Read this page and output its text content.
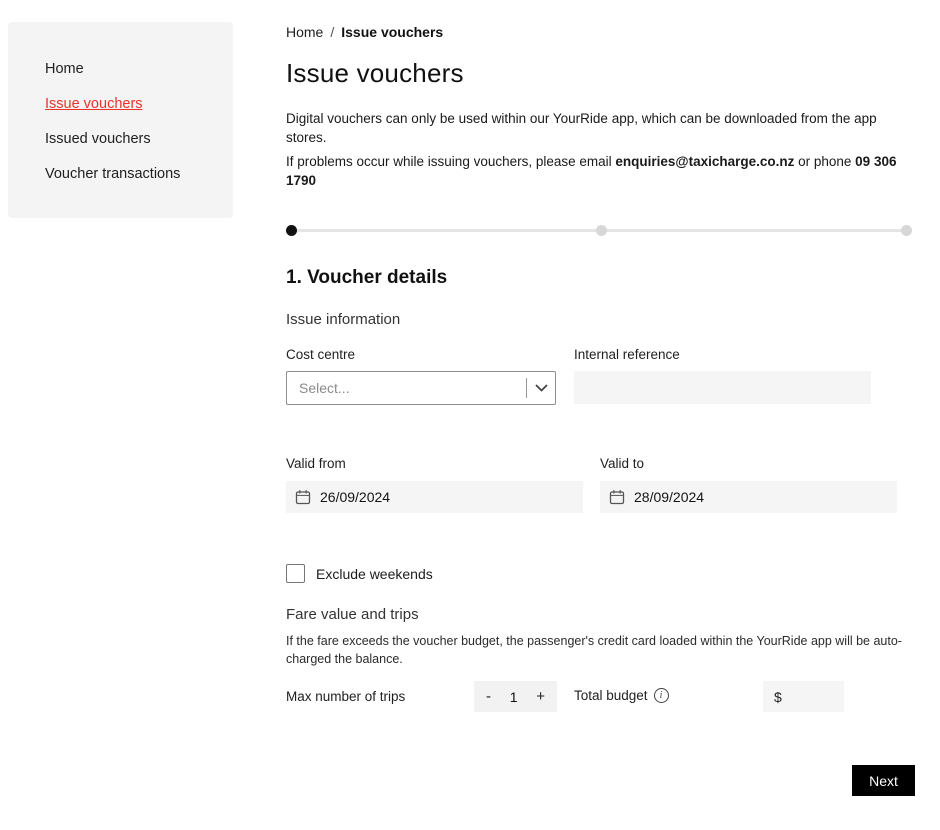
Home
Issue vouchers
Issued vouchers
Voucher transactions
Home / Issue vouchers
Issue vouchers

Digital vouchers can only be used within our YourRide app, which can be downloaded from the app stores.

If problems occur while issuing vouchers, please email enquiries@taxicharge.co.nz or phone 09 306 1790

1. Voucher details
Issue information
Cost centre
Select...
Internal reference
Valid from
26/09/2024
Valid to
28/09/2024
Exclude weekends
Fare value and trips

If the fare exceeds the voucher budget, the passenger's credit card loaded within the YourRide app will be auto-charged the balance.

Max number of trips	- 1 + Total budget	i	$
Next
